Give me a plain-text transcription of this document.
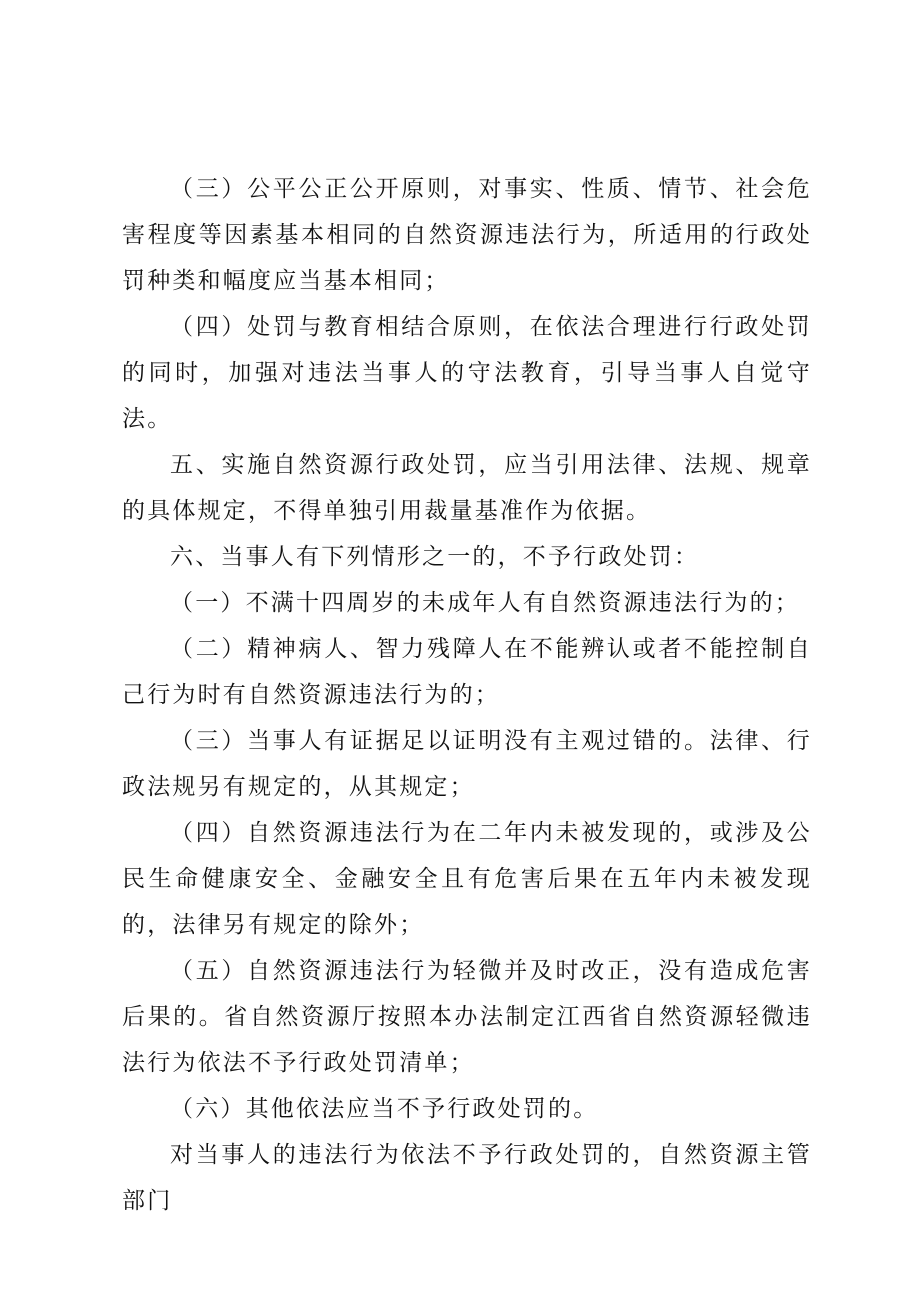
（三）公平公正公开原则，对事实、性质、情节、社会危害程度等因素基本相同的自然资源违法行为，所适用的行政处罚种类和幅度应当基本相同；

（四）处罚与教育相结合原则，在依法合理进行行政处罚的同时，加强对违法当事人的守法教育，引导当事人自觉守法。

五、实施自然资源行政处罚，应当引用法律、法规、规章的具体规定，不得单独引用裁量基准作为依据。

六、当事人有下列情形之一的，不予行政处罚：

（一）不满十四周岁的未成年人有自然资源违法行为的；

（二）精神病人、智力残障人在不能辨认或者不能控制自己行为时有自然资源违法行为的；

（三）当事人有证据足以证明没有主观过错的。法律、行政法规另有规定的，从其规定；

（四）自然资源违法行为在二年内未被发现的，或涉及公民生命健康安全、金融安全且有危害后果在五年内未被发现的，法律另有规定的除外；

（五）自然资源违法行为轻微并及时改正，没有造成危害后果的。省自然资源厅按照本办法制定江西省自然资源轻微违法行为依法不予行政处罚清单；

（六）其他依法应当不予行政处罚的。

对当事人的违法行为依法不予行政处罚的，自然资源主管部门
